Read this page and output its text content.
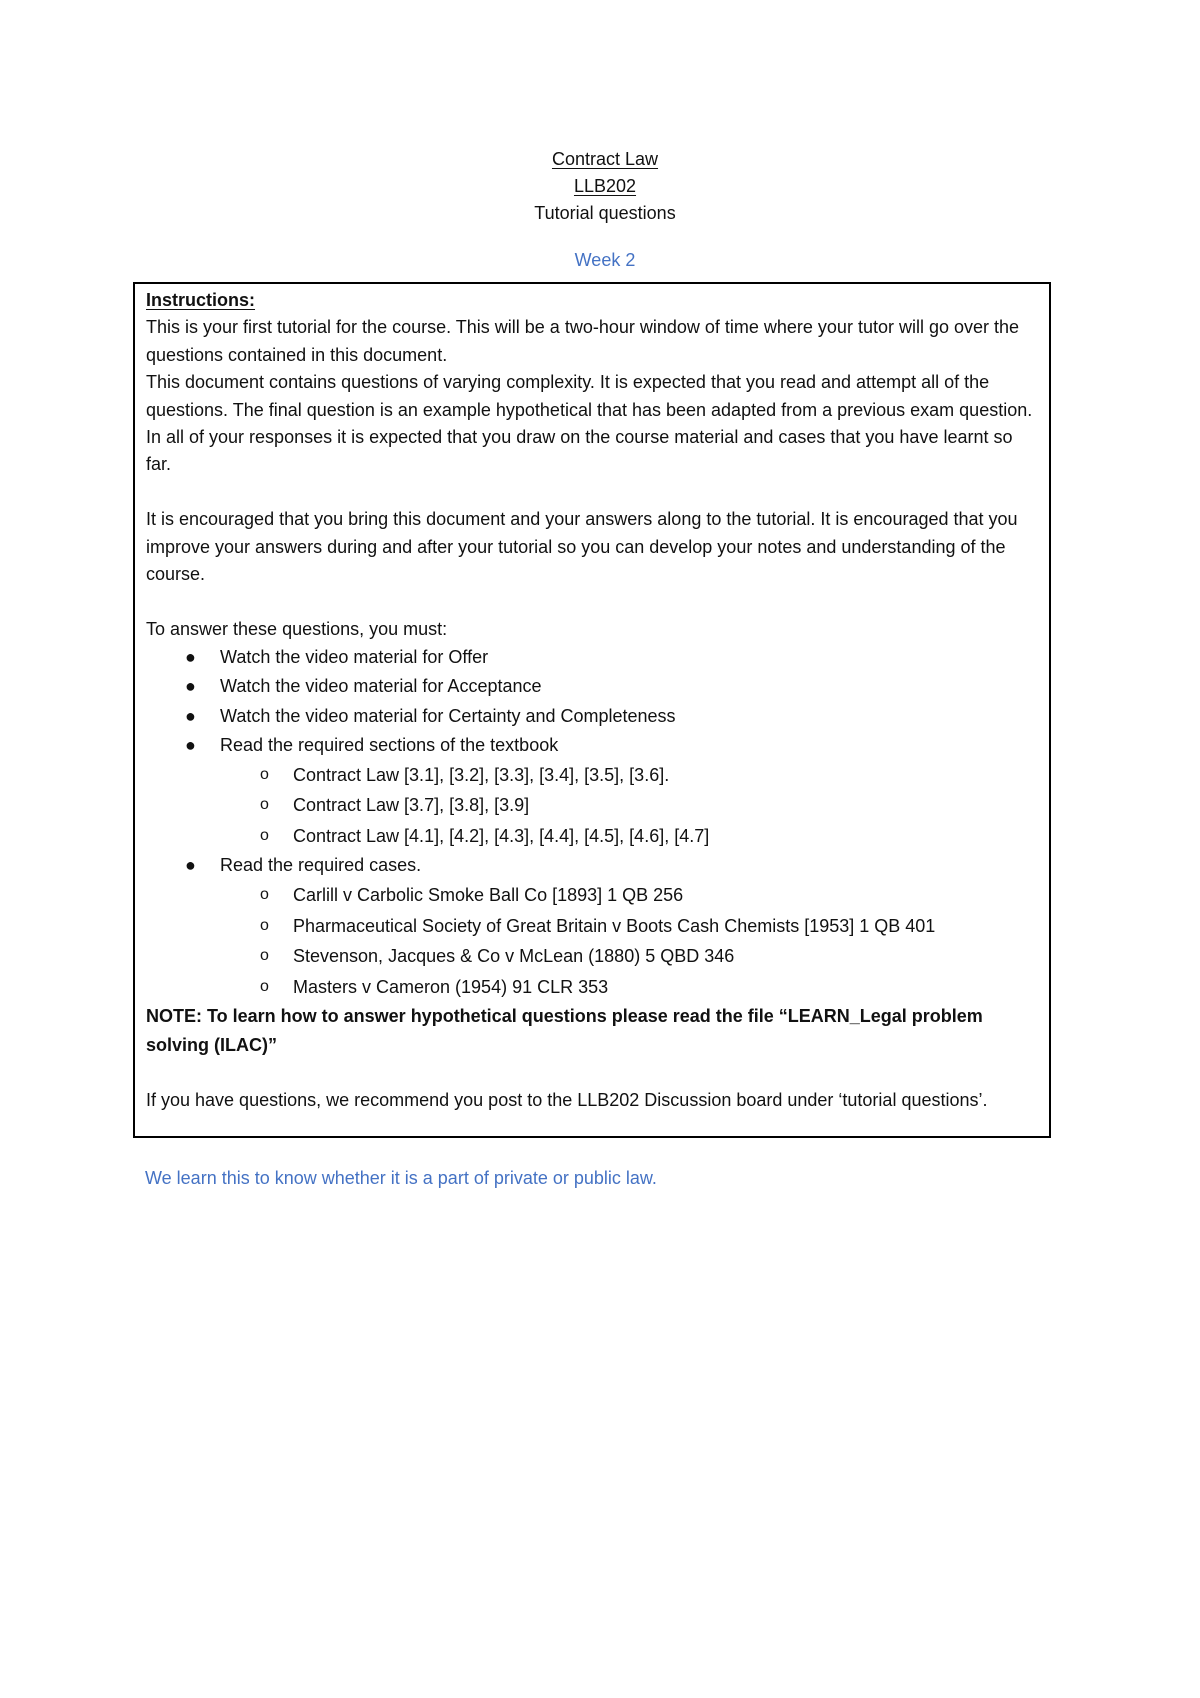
Contract Law
LLB202
Tutorial questions
Week 2

Instructions:

This is your first tutorial for the course. This will be a two-hour window of time where your tutor will go over the questions contained in this document.

This document contains questions of varying complexity. It is expected that you read and attempt all of the questions. The final question is an example hypothetical that has been adapted from a previous exam question. In all of your responses it is expected that you draw on the course material and cases that you have learnt so far.

It is encouraged that you bring this document and your answers along to the tutorial. It is encouraged that you improve your answers during and after your tutorial so you can develop your notes and understanding of the course.

To answer these questions, you must:

● Watch the video material for Offer
● Watch the video material for Acceptance
● Watch the video material for Certainty and Completeness
● Read the required sections of the textbook
o Contract Law [3.1], [3.2], [3.3], [3.4], [3.5], [3.6].
o Contract Law [3.7], [3.8], [3.9]
o Contract Law [4.1], [4.2], [4.3], [4.4], [4.5], [4.6], [4.7]
● Read the required cases.
o Carlill v Carbolic Smoke Ball Co [1893] 1 QB 256
o Pharmaceutical Society of Great Britain v Boots Cash Chemists [1953] 1 QB 401
o Stevenson, Jacques & Co v McLean (1880) 5 QBD 346
o Masters v Cameron (1954) 91 CLR 353

NOTE: To learn how to answer hypothetical questions please read the file “LEARN_Legal problem solving (ILAC)”

If you have questions, we recommend you post to the LLB202 Discussion board under ‘tutorial questions’.

We learn this to know whether it is a part of private or public law.
